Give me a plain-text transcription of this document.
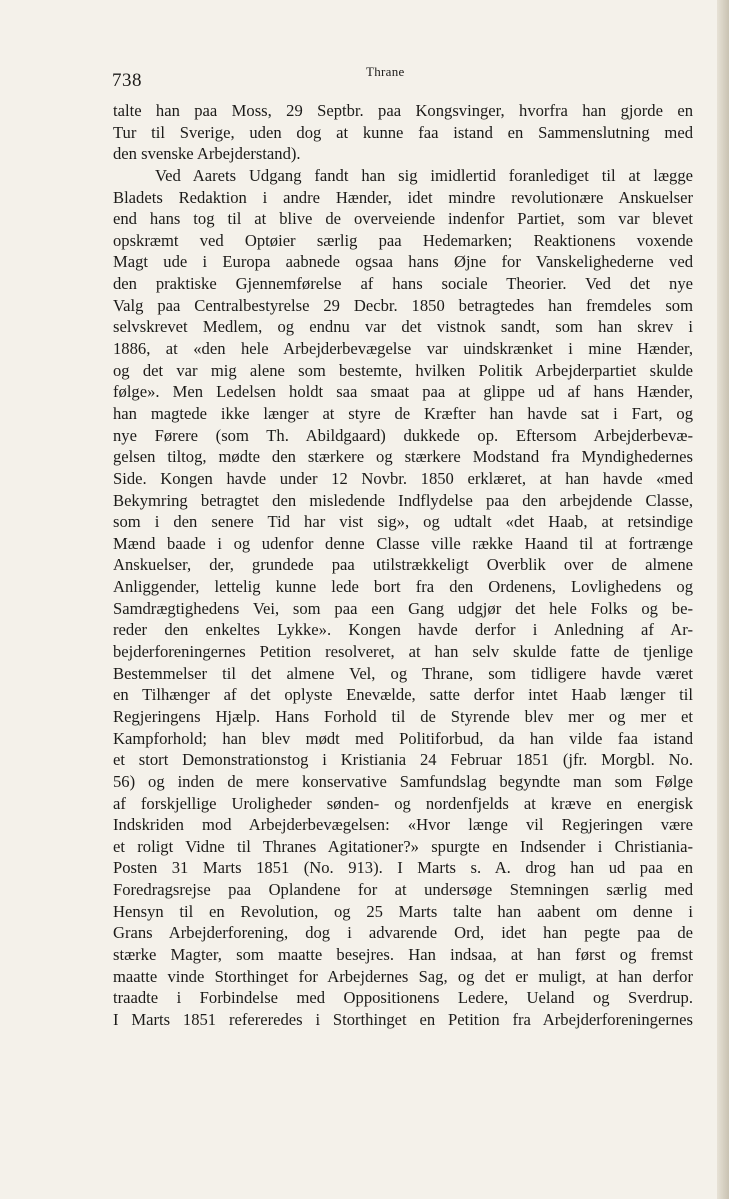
738	Thrane
talte han paa Moss, 29 Septbr. paa Kongsvinger, hvorfra han gjorde en
Tur til Sverige, uden dog at kunne faa istand en Sammenslutning med
den svenske Arbejderstand).
Ved Aarets Udgang fandt han sig imidlertid foranlediget til at lægge
Bladets Redaktion i andre Hænder, idet mindre revolutionære Anskuelser
end hans tog til at blive de overveiende indenfor Partiet, som var blevet
opskræmt ved Optøier særlig paa Hedemarken; Reaktionens voxende
Magt ude i Europa aabnede ogsaa hans Øjne for Vanskelighederne ved
den praktiske Gjennemførelse af hans sociale Theorier. Ved det nye
Valg paa Centralbestyrelse 29 Decbr. 1850 betragtedes han fremdeles som
selvskrevet Medlem, og endnu var det vistnok sandt, som han skrev i
1886, at «den hele Arbejderbevægelse var uindskrænket i mine Hænder,
og det var mig alene som bestemte, hvilken Politik Arbejderpartiet skulde
følge». Men Ledelsen holdt saa smaat paa at glippe ud af hans Hænder,
han magtede ikke længer at styre de Kræfter han havde sat i Fart, og
nye Førere (som Th. Abildgaard) dukkede op. Eftersom Arbejderbevæ-
gelsen tiltog, mødte den stærkere og stærkere Modstand fra Myndighedernes
Side. Kongen havde under 12 Novbr. 1850 erklæret, at han havde «med
Bekymring betragtet den misledende Indflydelse paa den arbejdende Classe,
som i den senere Tid har vist sig», og udtalt «det Haab, at retsindige
Mænd baade i og udenfor denne Classe ville række Haand til at fortrænge
Anskuelser, der, grundede paa utilstrækkeligt Overblik over de almene
Anliggender, lettelig kunne lede bort fra den Ordenens, Lovlighedens og
Samdrægtighedens Vei, som paa een Gang udgjør det hele Folks og be-
reder den enkeltes Lykke». Kongen havde derfor i Anledning af Ar-
bejderforeningernes Petition resolveret, at han selv skulde fatte de tjenlige
Bestemmelser til det almene Vel, og Thrane, som tidligere havde været
en Tilhænger af det oplyste Enevælde, satte derfor intet Haab længer til
Regjeringens Hjælp. Hans Forhold til de Styrende blev mer og mer et
Kampforhold; han blev mødt med Politiforbud, da han vilde faa istand
et stort Demonstrationstog i Kristiania 24 Februar 1851 (jfr. Morgbl. No.
56) og inden de mere konservative Samfundslag begyndte man som Følge
af forskjellige Uroligheder sønden- og nordenfjelds at kræve en energisk
Indskriden mod Arbejderbevægelsen: «Hvor længe vil Regjeringen være
et roligt Vidne til Thranes Agitationer?» spurgte en Indsender i Christiania-
Posten 31 Marts 1851 (No. 913). I Marts s. A. drog han ud paa en
Foredragsrejse paa Oplandene for at undersøge Stemningen særlig med
Hensyn til en Revolution, og 25 Marts talte han aabent om denne i
Grans Arbejderforening, dog i advarende Ord, idet han pegte paa de
stærke Magter, som maatte besejres. Han indsaa, at han først og fremst
maatte vinde Storthinget for Arbejdernes Sag, og det er muligt, at han derfor
traadte i Forbindelse med Oppositionens Ledere, Ueland og Sverdrup.
I Marts 1851 refereredes i Storthinget en Petition fra Arbejderforeningernes
